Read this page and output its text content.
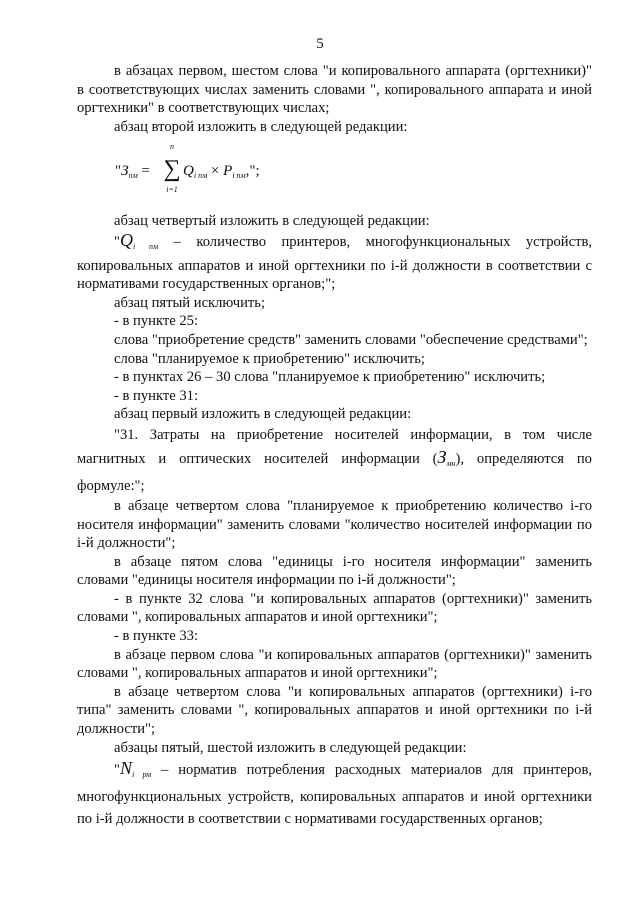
5

в абзацах первом, шестом слова "и копировального аппарата (оргтехники)" в соответствующих числах заменить словами ", копировального аппарата и иной оргтехники" в соответствующих числах;

абзац второй изложить в следующей редакции:

"$З_{пм}$ =
n
∑
i=1
$Q_{i пм} \times P_{i пм}$,";

абзац четвертый изложить в следующей редакции:

"$Q_{i пм}$ – количество принтеров, многофункциональных устройств, копировальных аппаратов и иной оргтехники по i-й должности в соответствии с нормативами государственных органов;";

абзац пятый исключить;

- в пункте 25:

слова "приобретение средств" заменить словами "обеспечение средствами";

слова "планируемое к приобретению" исключить;

- в пунктах 26 – 30 слова "планируемое к приобретению" исключить;

- в пункте 31:

абзац первый изложить в следующей редакции:

"31. Затраты на приобретение носителей информации, в том числе магнитных и оптических носителей информации $(З_{мн})$, определяются по формуле:";

в абзаце четвертом слова "планируемое к приобретению количество i-го носителя информации" заменить словами "количество носителей информации по i-й должности";

в абзаце пятом слова "единицы i-го носителя информации" заменить словами "единицы носителя информации по i-й должности";

- в пункте 32 слова "и копировальных аппаратов (оргтехники)" заменить словами ", копировальных аппаратов и иной оргтехники";

- в пункте 33:

в абзаце первом слова "и копировальных аппаратов (оргтехники)" заменить словами ", копировальных аппаратов и иной оргтехники";

в абзаце четвертом слова "и копировальных аппаратов (оргтехники) i-го типа" заменить словами ", копировальных аппаратов и иной оргтехники по i-й должности";

абзацы пятый, шестой изложить в следующей редакции:

"$N_{i рм}$ – норматив потребления расходных материалов для принтеров, многофункциональных устройств, копировальных аппаратов и иной оргтехники по i-й должности в соответствии с нормативами государственных органов;
